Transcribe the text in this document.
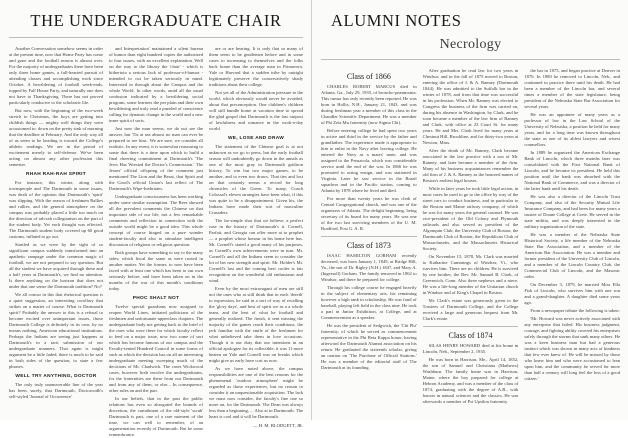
THE UNDERGRADUATE CHAIR
Another Conversation somehow seems in order at the present time, now that Home Party has come and gone and the football season is almost over. For the majority of undergraduates there have been only three home games, a full-hearted pursuit of attending classes and accomplishing work since October. A bewildering of football week-ends, topped by Fall House Party, and naturally one does not have to Thanksgiving. There has not proved particularly conducive to the scholastic life.
But now, with the beginning of the two-week stretch to Christmas, the boys are getting into childish things — mighty well things they were accustomed to: down on the pretty sink of morning that the deadline at February. And the only way all of us seem to be heading is toward the College's athletic readings. We are in the period of excitement merely to self-defense. We've been acting on almost any other profession this semester.
RHAH RAH-RAH SPIRIT
For instance, this winter, along with townspeople and The Dartmouth in some issues, was dealt of the opinion that Dartmouth's 'spirit' was slipping. With the season of freshmen Rallies and rallies, and the general atmosphere on the campus was probably placed a little too much on the direction of rah-rah collegianism on the part of the student body. Yet each thought was effected. The Dartmouth student body covered up 60 good customs, inflated to go out.
Startled as we were by the sight of so significant campus suddenly transformed into an apathetic rampage under the common magic of football, we are not prepared to say question. But all the student we have acquired through these and a half years at Dartmouth's, we find no attention. Is there anything on the horizon that does not under that one sense the Dartmouth tradition? No?
We all concur in this that rhetorical question is a quiet suggestion, an interesting corollary that strikes on a matter of course. What is Dartmouth spirit? Probably the answer to this is a refusal to become excited over unimportant issues, those Dartmouth College is definitely in its own, by no means nothing, American educational institutions. Perhaps the Indians are seeing just happens at Dartmouth's in a tacit submission of our undergraduate manners. That again is might argument be a little faded, there is much to be said in both sides of the question, to state a few phrases.
WELL TRY ANYTHING, DOCTOR
The only truly unanswerable line of the year has been, surely, that Dartmouth, Doctoroodh's self-styled 'Journal of Occurrence'
and Interpretation' maintained a silent bureau of humor than eight hundred copies the authorized to four issues, with an excellent explanation. Well on the way to the library the 'chair' - which is hithertoto a serious Jack of professor-of-humor - intended to cut be taken seriously in mind. Interested in through about the Campus and the whole World. In other words, amid all the usual confusion indicated by a bewildering social program, some learners the per plain and their own bewildering and truly read a puzzled of conscience calling for dynamic change in the world and a new inner spirit of sorts.
Just now the man seems, we do not see the answer, but 'Tis at sea almost no man can ever be prepared to see him.. We are sure, we consider all realistic. In any event, it is somewhat reassuring to some that there is a time upon which to build a final cheering commitment at Dartmouth's 'The Jews Has Wrested the Doctor's Commission.' The Jesses' official offspring of the comment just mentioned The Lion and the Beast, that Spirit and the Good's official Union's last reflect of The Dartmouth's Wipe-Inebriates.
Undergraduate consciousness has been working under some similar assumption. The Bees showed all the prevalent comments the Chinese on that important side of our life, not a few remarkable comments and reflection in connection with the outside world might be a good idea. This whole concept of course hinged on a pure wonder student-faculty and also to stimulate intelligent discussion of religious or religious question.
Both groups have something to say to the many sides; which fiscal the same as were rooted in another matter. Yet the former, to now have been faced with at least one which has been to our own seriously before, and have been taken on in the months of the war of this month's conditions today.
PHOC SHALT NOT
Twelve special guardians now assigned to reopen World Lines, initiated politicians of the freshmen and unfortunate upperclass chapters. The undergraduate body not getting back to the brief of the ones who were there for which faculty reflect to feed on a major issue, now two some of sort which has become famous of our campus and the Faculty-tented Hundred Council in some forms of such as which the decision has on all an interesting undergraduate meeting sweeping much of the decisions of Mr. Chadwick. The cases Wickwood cases, however both involve the undergraduates, for the fraternities are these from our Dartmouth and from any of them, or else... In consequence, other rules an and the part.
In our beliefs, that in the past the public relations has even so abrogated the bounds of discretion, the curtailment of the old-style 'scrub' Dartmouth is part, one of a rare moment of the time, we can well to remember, of an argumentation recently of Dartmouth. But be some remembrance.
are or are hearing. It is only that so many of them seem to be gentlemen before and in some cases to increasing to themselves and the folks back home than the average man in Primavera. Yale or Harvard that a sudden tribe by outright legitimately preserve the conservatively shady traditions about their college.
Not yet all of the Administration pressure to the world, which obviously would never be avoided, about that preconception. One children's children will still bundle home at vacation time to spread the glad gospel that Dartmouth is the last outpost of lawfulness and romance in the work-a-day world.
WE, LOSE AND DRAW
The statement of the Chinese goal is at not unknown as we go to press, but the early football season will undoubtedly go down in the annals as one of the most gray in Dartmouth gridiron history. To win but two major games, to be another, and to even two draws. That ties and lost on that certainly seems a record for long chronicles of the Green. To many, Coach Colossal's eleven strategies have been what, if this was quite to be a disappointment. Given his, the Indians have made their sort of masculine Crusaders.
The far-simple shot that we believe, a perfect ruse in the history of Dartmouth's it. Cornell, Parfait, and Georgia can offer more at to prophet — a prophet whose honour in his home here has. Mr. Cornell's stated a good many of his purposes, as Cornell's own achievements were in turn. Mr. Cornell's and all the Indians seem to consider the lot of her new strength and spirit. Mr. Holder's Mr. Cornell's last and the coming best cooler is fair recognition on the wonderful old enthusiasm and wind.
Even by the most extravagant of men are still not the ones who at still think that in each 'dereth' to expression, he said in a sort of way of recalling the 'glory days', and best of spirit we as a a whole team, and the best of what he football and generally realized. The finish, it sent missing the majority of the games reach their conditions, the jerk familiar with the smile of the freshmen for what unbelieved take them in love occasions. Though it is our duty that our intentions in an official apologize for its collectible, it was 11 more beaten on Yale and Cornell was on breaks which might give us early have cost us now.
As we have noted above, the campus responsibilities are one of the best reasons for the phenomenal 'outdoor atmosphere' might be regarded as those experiences, but no reason to consider it an unquestionable acquisition. The lack we must now consider, the faculty's fine one so more on, for the Dartmouth. The Dean was always less than a beginning, ... Also at in Dartmouth. The heart is cool and it will be Dartmouth.
— H. M. BLODGETT, JR.
ALUMNI NOTES
Necrology
Class of 1866
CHARLES ROBERT MARCUS died in Atlanta, Ga., July 29, 1935, of broncho-pneumonia. This rumor has only recently been reported. He was born in Hollis, N.H., January 21, 1843, and was during freshman year a member of this class in the Chandler Scientific Department. He was a member of Phi Zeta Mu fraternity (now Sigma Chi).
Before entering college he had spent two years in active and third in the service by the father and grandfather. The experience made it appropriate to him to enlist in the Navy after leaving college. He entered the Navy as a mates' mate, and was assigned to the Pensacola, which was considerable service until the end of the war. In 1866 he was promoted to acting ensign, and was stationed in Virginia. Later he saw service in the Brazil squadron and in the Pacific station, coming to Atlanta by 1878 where he lived and died.
For more than twenty years he was clerk of Central Congregational church, and was one of the organizers of Atlanta. The delight beginning, being secretary of its board for many years. He was one of the two last surviving members of the U. M. Bradford, Post G. A. R.
Class of 1873
ISAAC HAMILTON GORHAM recently deceased, was born January 1, 1849, at Bridge Hill, Va., the son of Dr. Rigley (N.H.) 1847, and Mary A. (Ingersoll) Gorham. The family removed in 1862 to Windsor, and there he prepared for college.
Through his college course he engaged heavily in the subject of elementary arts, his remaining however a high rank in scholarship. He was fond of baseball, playing left field in the class nine. He took a part in Junior Exhibition, at College, and at Commencement as a speaker.
He was the president of Sedgwick, the 'Chi Phi' fraternity, of which he served as commencement representative in the Phi Beta Kappa honor, having afterward the Dartmouth Alumni association on his return. He graduated the sixteenth scholar, giving an oration on 'The Purchase of Official Stations.' He was a member of the editorial staff of The Dartmouth at its founding.
After graduation he read law for two years in Windsor, and in the fall of 1875 moved to Boston, entering the office of J. & A. Ranney (Dartmouth 1844). He was admitted to the Suffolk bar in the winter of 1878, and from that time was successful in his profession. When Mr. Ranney was elected to Congress the business of the firm was carried on, during his absence in Washington, by Clark, and he soon became a member of the law firm of Ranney and Clark, with office at 23 Court St. for many years. He and Mrs. Clark lived for many years at Chestnut Hill, Brookline, and for thirty-two years at Newton, Mass.
After the death of Mr. Ranney, Clark became associated in the law practice with a son of Mr. Ranney, and later became a member of the firm. Many of his business acquaintances remember the old firm of J. & A. Ranney as the honored names of Boston's earliest legal houses.
While in later years he took little legal action, in most cases he used to go to the office by way of the street cars to conduct business, and in particular to the Boston and Maine railway company, of which he was for many years the general counsel. He was vice-president of the Old Colony and Plymouth railroads and also served as president of the Algonquin Club, the University Club of Boston, the Dartmouth Club of Boston, the Republican Club of Massachusetts, and the Massachusetts Historical Society.
On November 15, 1878, Mr. Clark was married to Katharine Cummings of Windsor, Vt., who survives him. There are no children. He is survived by one brother, the Rev. Mr. Samuel B. Clark, of Greenwich, Conn. Also three nephews and a niece. He was a life-long member of the Unitarian church in Windsor and of King's Chapel in Boston.
Mr. Clark's estate was generously given to the Trustees of Dartmouth College, and the College received a large and generous bequest from Mr. Clark's estate.
Class of 1874
SILAS HENRY HOWARD died at his home in Lincoln, Neb., September 2, 1935.
He was born in Harrison, Me., April 14, 1852, the son of Samuel and Christiana (Mathews) Washburn. The family home was in Harrison, Maine, where the boy prepared for college at Hebron Academy, and was a member of the class of 1874, graduating with the degree of A.B., with honors in natural sciences and the classics. He was afterwards a member of Psi Upsilon fraternity.
the bar in 1875, and began practice at Denver in 1876. In 1880 he removed to Lincoln, Neb., and continued in practice there until his death. He had been a member of the Lincoln bar, and several times a member of the state legislature, being president of the Nebraska State Bar Association for several years.
He was an appointee of many years as a professor of law in the Law School of the University of Nebraska, a position he held for many years, and for a long time was known throughout the state as one of its ablest lawyers and wisest counsellors.
In 1889 he organized the American Exchange Bank of Lincoln, which three months later was consolidated with the First National Bank of Lincoln, and he became its president. He held this position until the bank was absorbed with the National Bank of Commerce, and was a director of the latter bank until his death.
He was also a director of the Lincoln Trust Company, and also of the Security Mutual Life Insurance Company, and had been for many years a trustee of Doane College at Crete. He served in the state militia, and was deeply interested in the military organization of the state.
He was a member of the Nebraska State Historical Society, a life member of the Nebraska State Bar Association, and a member of the American Bar Association. He was a member and former president of the University Club of Lincoln, and a member of the Lincoln Country Club, the Commercial Club of Lincoln, and the Masonic order.
On December 3, 1879, he married Miss Ella Fisk of Lincoln, who survives him with one son and a grand-daughter. A daughter died some years ago.
From a newspaper tribute the following is taken:
'Mr. Howard was never actively associated with any enterprise that failed. His business judgment, courage, and fighting ability covered his enterprises safely through the storms that sank many others. He was a keen business man but had a generous instinct which was shown in many acts of kindness that few ever knew of. He will be missed by those who knew him and who were accustomed to lean upon him, and the community he served for more than half a century will long feel the loss of a good citizen.'
